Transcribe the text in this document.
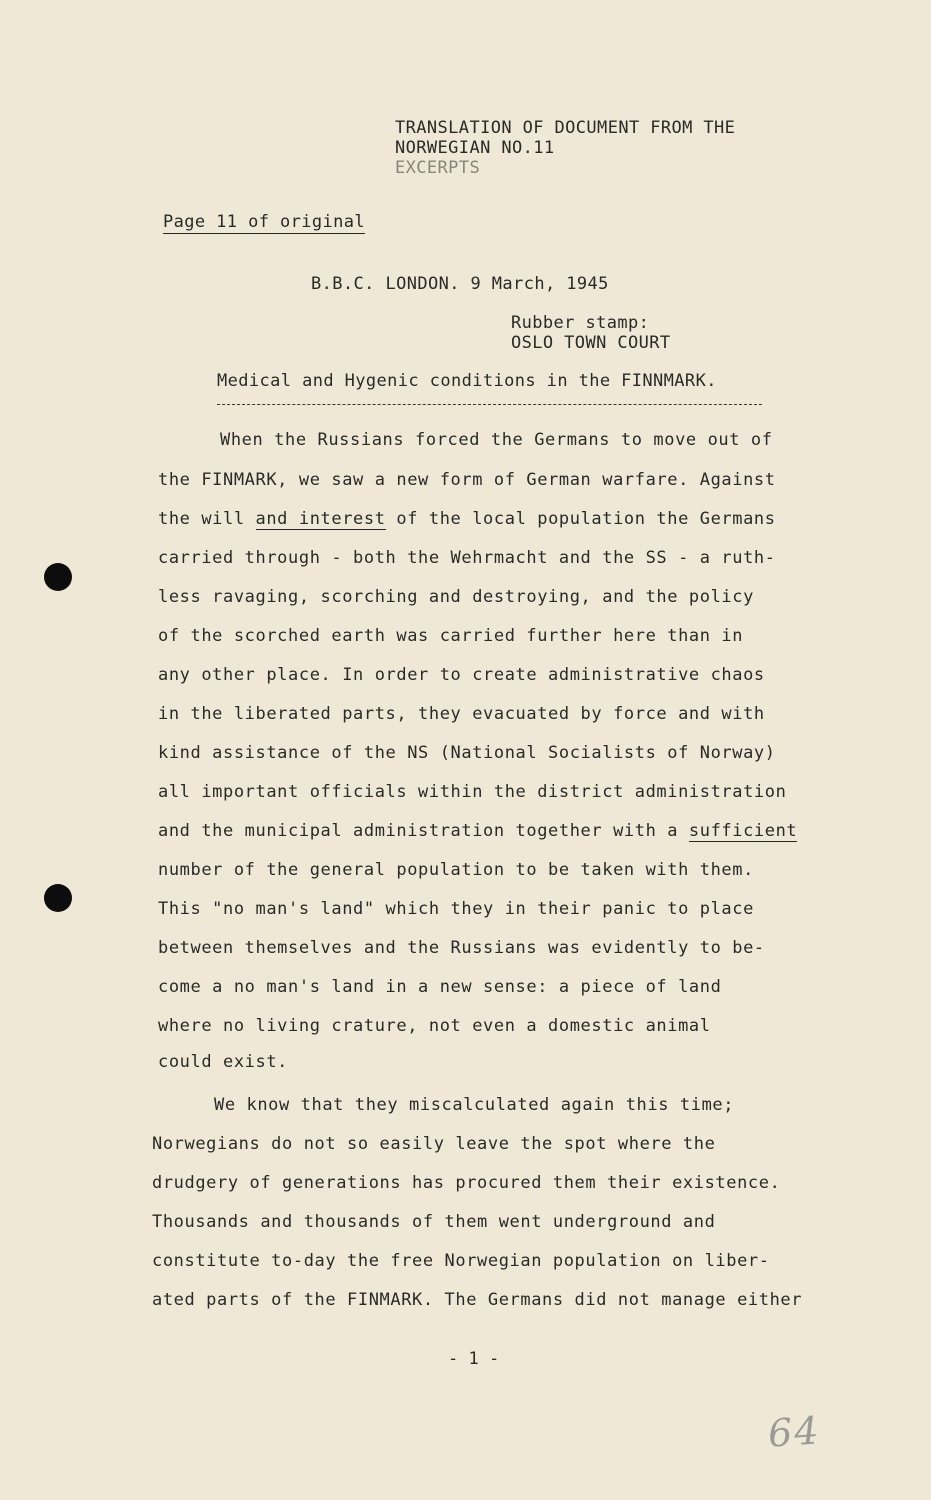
TRANSLATION OF DOCUMENT FROM THE
NORWEGIAN NO.11
EXCERPTS
Page 11 of original
B.B.C. LONDON. 9 March, 1945
Rubber stamp:
OSLO TOWN COURT
Medical and Hygenic conditions in the FINNMARK.
When the Russians forced the Germans to move out of
the FINMARK, we saw a new form of German warfare. Against
the will and interest of the local population the Germans
carried through - both the Wehrmacht and the SS - a ruth-
less ravaging, scorching and destroying, and the policy
of the scorched earth was carried further here than in
any other place. In order to create administrative chaos
in the liberated parts, they evacuated by force and with
kind assistance of the NS (National Socialists of Norway)
all important officials within the district administration
and the municipal administration together with a sufficient
number of the general population to be taken with them.
This "no man's land" which they in their panic to place
between themselves and the Russians was evidently to be-
come a no man's land in a new sense: a piece of land
where no living crature, not even a domestic animal
could exist.
We know that they miscalculated again this time;
Norwegians do not so easily leave the spot where the
drudgery of generations has procured them their existence.
Thousands and thousands of them went underground and
constitute to-day the free Norwegian population on liber-
ated parts of the FINMARK. The Germans did not manage either
- 1 -
64
